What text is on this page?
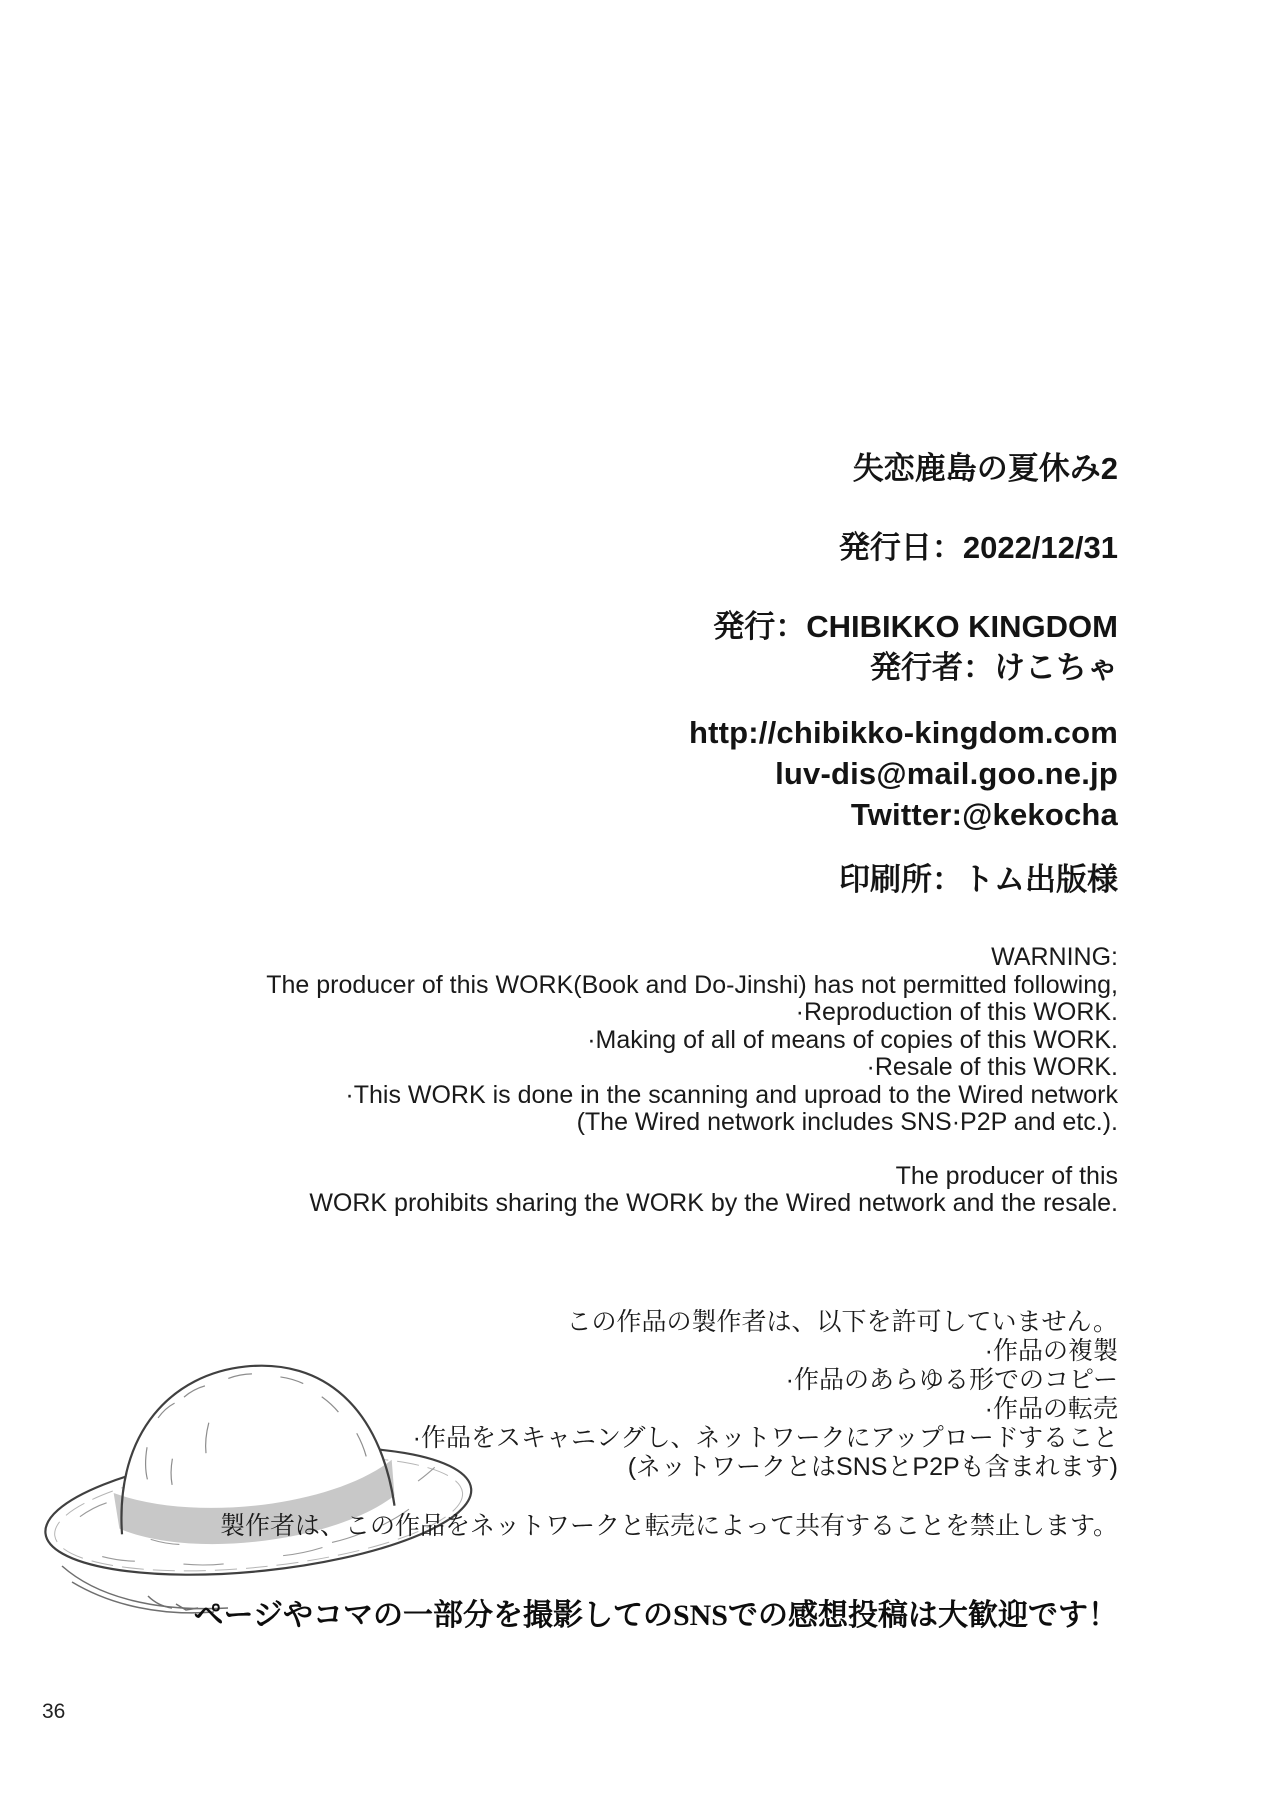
失恋鹿島の夏休み2
発行日：2022/12/31
発行：CHIBIKKO KINGDOM
発行者：けこちゃ
http://chibikko-kingdom.com
luv-dis@mail.goo.ne.jp
Twitter:@kekocha
印刷所：トム出版様
WARNING:
The producer of this WORK(Book and Do-Jinshi) has not permitted following,
·Reproduction of this WORK.
·Making of all of means of copies of this WORK.
·Resale of this WORK.
·This WORK is done in the scanning and uproad to the Wired network
(The Wired network includes SNS·P2P and etc.).
The producer of this
WORK prohibits sharing the WORK by the Wired network and the resale.
この作品の製作者は、以下を許可していません。
·作品の複製
·作品のあらゆる形でのコピー
·作品の転売
·作品をスキャニングし、ネットワークにアップロードすること
(ネットワークとはSNSとP2Pも含まれます)
製作者は、この作品をネットワークと転売によって共有することを禁止します。
ページやコマの一部分を撮影してのSNSでの感想投稿は大歓迎です！
36
